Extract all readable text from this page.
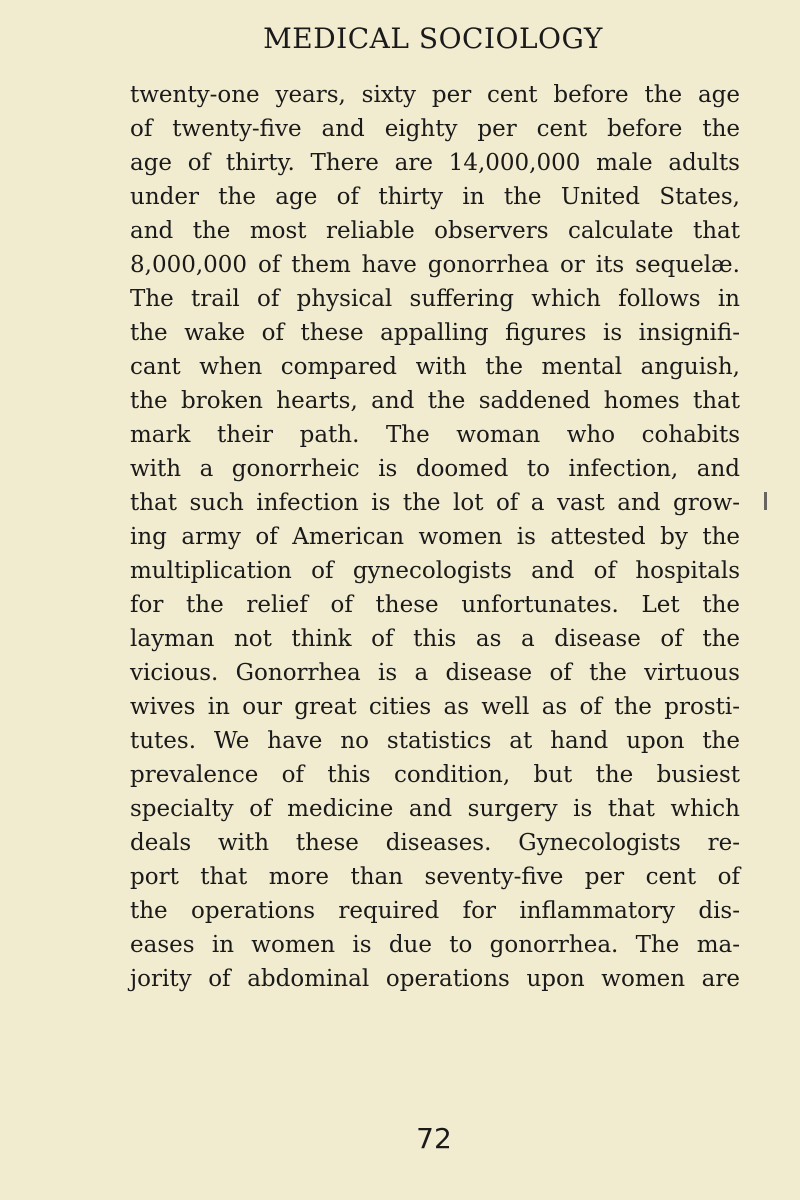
MEDICAL SOCIOLOGY
twenty-one years, sixty per cent before the age
of twenty-five and eighty per cent before the
age of thirty. There are 14,000,000 male adults
under the age of thirty in the United States,
and the most reliable observers calculate that
8,000,000 of them have gonorrhea or its sequelæ.
The trail of physical suffering which follows in
the wake of these appalling figures is insignifi-
cant when compared with the mental anguish,
the broken hearts, and the saddened homes that
mark their path. The woman who cohabits
with a gonorrheic is doomed to infection, and
that such infection is the lot of a vast and grow-
ing army of American women is attested by the
multiplication of gynecologists and of hospitals
for the relief of these unfortunates. Let the
layman not think of this as a disease of the
vicious. Gonorrhea is a disease of the virtuous
wives in our great cities as well as of the prosti-
tutes. We have no statistics at hand upon the
prevalence of this condition, but the busiest
specialty of medicine and surgery is that which
deals with these diseases. Gynecologists re-
port that more than seventy-five per cent of
the operations required for inflammatory dis-
eases in women is due to gonorrhea. The ma-
jority of abdominal operations upon women are
72
